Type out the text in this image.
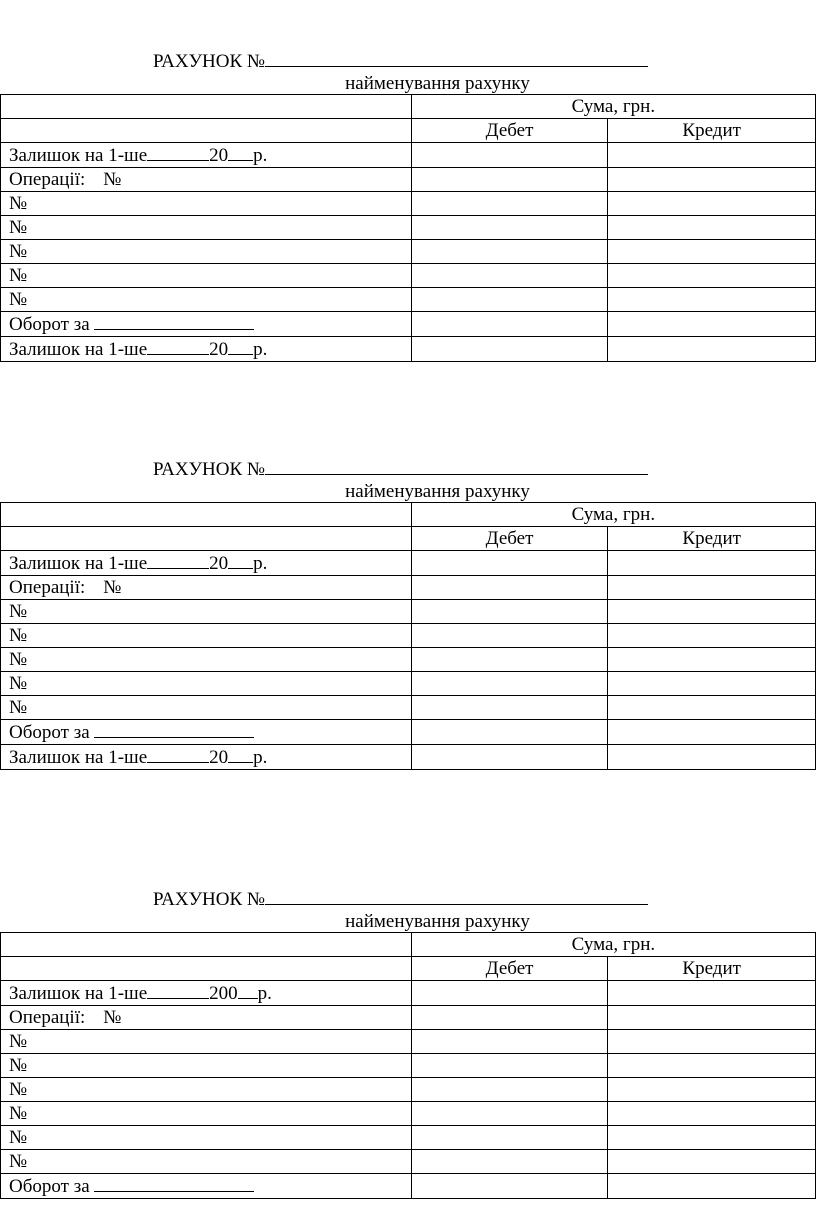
РАХУНОК №
найменування рахунку
	Сума, грн.	
	Дебет	Кредит
Залишок на 1-ше 20 р.		
Операції: №		
№		
№		
№		
№		
№		
Оборот за		
Залишок на 1-ше 20 р.		
РАХУНОК №
найменування рахунку
	Сума, грн.	
	Дебет	Кредит
Залишок на 1-ше 20 р.		
Операції: №		
№		
№		
№		
№		
№		
Оборот за		
Залишок на 1-ше 20 р.		
РАХУНОК №
найменування рахунку
	Сума, грн.	
	Дебет	Кредит
Залишок на 1-ше 200 р.		
Операції: №		
№		
№		
№		
№		
№		
№		
Оборот за		
